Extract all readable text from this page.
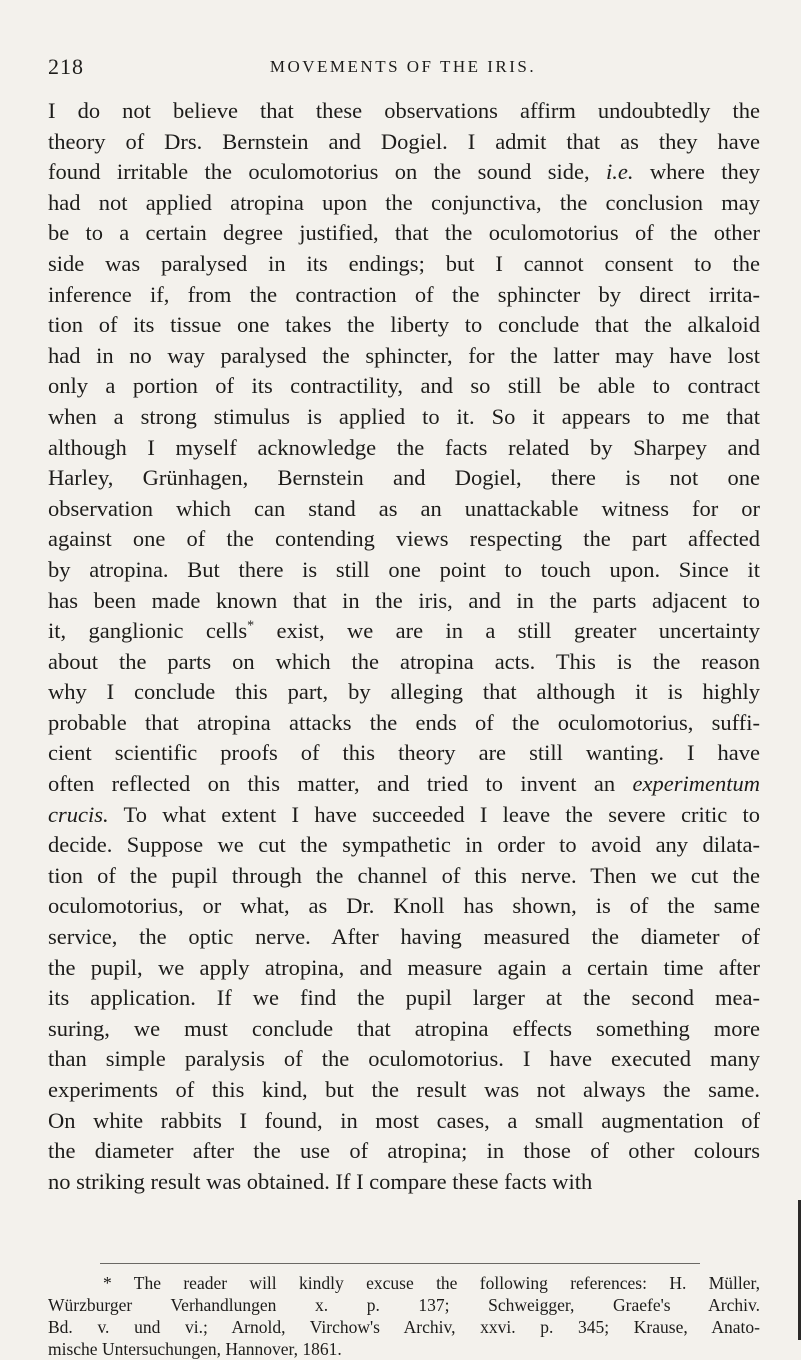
218	MOVEMENTS OF THE IRIS.
I do not believe that these observations affirm undoubtedly the
theory of Drs. Bernstein and Dogiel. I admit that as they have
found irritable the oculomotorius on the sound side, i.e. where they
had not applied atropina upon the conjunctiva, the conclusion may
be to a certain degree justified, that the oculomotorius of the other
side was paralysed in its endings; but I cannot consent to the
inference if, from the contraction of the sphincter by direct irrita-
tion of its tissue one takes the liberty to conclude that the alkaloid
had in no way paralysed the sphincter, for the latter may have lost
only a portion of its contractility, and so still be able to contract
when a strong stimulus is applied to it. So it appears to me that
although I myself acknowledge the facts related by Sharpey and
Harley, Grünhagen, Bernstein and Dogiel, there is not one
observation which can stand as an unattackable witness for or
against one of the contending views respecting the part affected
by atropina. But there is still one point to touch upon. Since it
has been made known that in the iris, and in the parts adjacent to
it, ganglionic cells* exist, we are in a still greater uncertainty
about the parts on which the atropina acts. This is the reason
why I conclude this part, by alleging that although it is highly
probable that atropina attacks the ends of the oculomotorius, suffi-
cient scientific proofs of this theory are still wanting. I have
often reflected on this matter, and tried to invent an experimentum
crucis. To what extent I have succeeded I leave the severe critic to
decide. Suppose we cut the sympathetic in order to avoid any dilata-
tion of the pupil through the channel of this nerve. Then we cut the
oculomotorius, or what, as Dr. Knoll has shown, is of the same
service, the optic nerve. After having measured the diameter of
the pupil, we apply atropina, and measure again a certain time after
its application. If we find the pupil larger at the second mea-
suring, we must conclude that atropina effects something more
than simple paralysis of the oculomotorius. I have executed many
experiments of this kind, but the result was not always the same.
On white rabbits I found, in most cases, a small augmentation of
the diameter after the use of atropina; in those of other colours
no striking result was obtained. If I compare these facts with
* The reader will kindly excuse the following references: H. Müller,
Würzburger Verhandlungen x. p. 137; Schweigger, Graefe's Archiv.
Bd. v. und vi.; Arnold, Virchow's Archiv, xxvi. p. 345; Krause, Anato-
mische Untersuchungen, Hannover, 1861.
